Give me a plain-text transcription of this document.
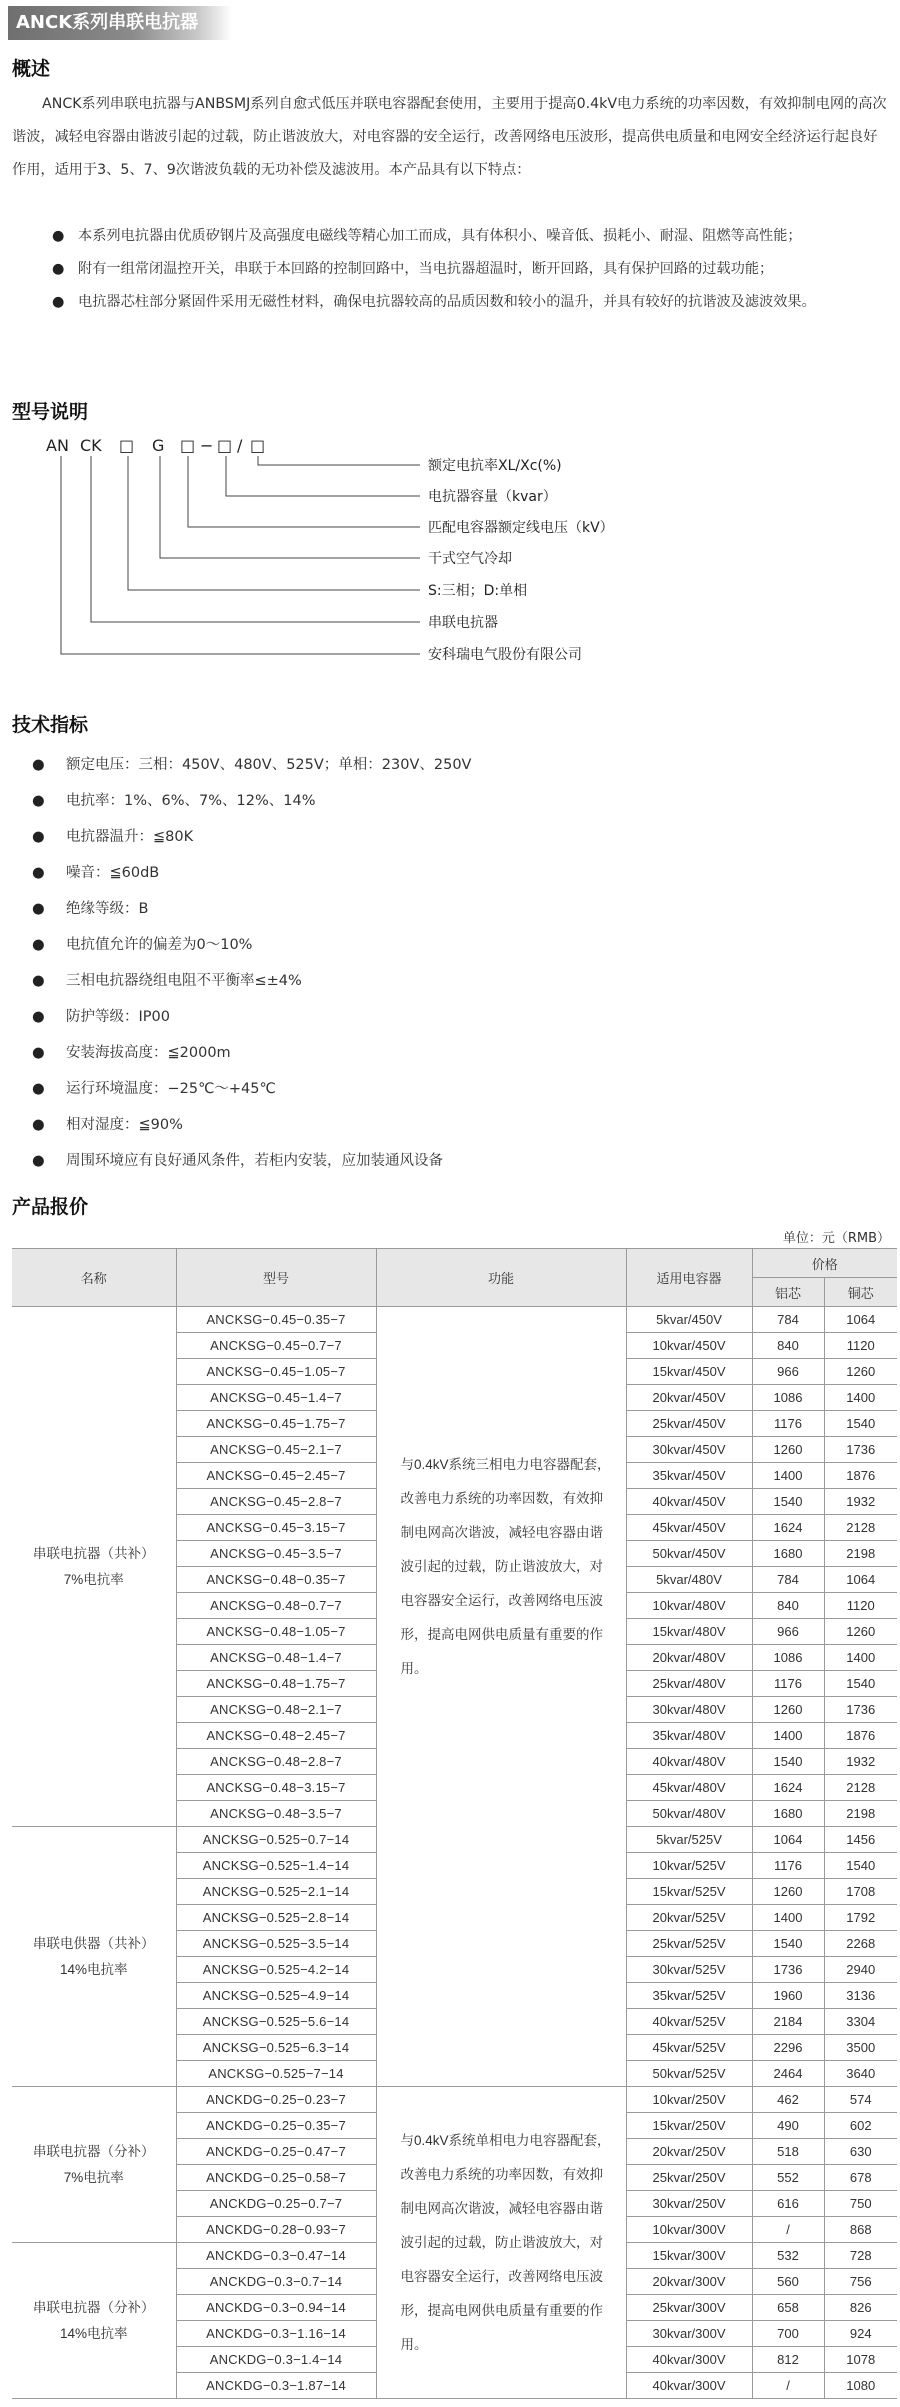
ANCK系列串联电抗器
概述

ANCK系列串联电抗器与ANBSMJ系列自愈式低压并联电容器配套使用，主要用于提高0.4kV电力系统的功率因数，有效抑制电网的高次谐波，减轻电容器由谐波引起的过载，防止谐波放大，对电容器的安全运行，改善网络电压波形，提高供电质量和电网安全经济运行起良好作用，适用于3、5、7、9次谐波负载的无功补偿及滤波用。本产品具有以下特点：

● 本系列电抗器由优质矽钢片及高强度电磁线等精心加工而成，具有体积小、噪音低、损耗小、耐湿、阻燃等高性能；
● 附有一组常闭温控开关，串联于本回路的控制回路中，当电抗器超温时，断开回路，具有保护回路的过载功能；
● 电抗器芯柱部分紧固件采用无磁性材料，确保电抗器较高的品质因数和较小的温升，并具有较好的抗谐波及滤波效果。
型号说明
AN CK □ G □ − □ / □
额定电抗率XL/Xc(%)
电抗器容量（kvar）
匹配电容器额定线电压（kV）
干式空气冷却
S:三相；D:单相
串联电抗器
安科瑞电气股份有限公司
技术指标
● 额定电压：三相：450V、480V、525V；单相：230V、250V
● 电抗率：1%、6%、7%、12%、14%
● 电抗器温升：≦80K
● 噪音：≦60dB
● 绝缘等级：B
● 电抗值允许的偏差为0～10%
● 三相电抗器绕组电阻不平衡率≤±4%
● 防护等级：IP00
● 安装海拔高度：≦2000m
● 运行环境温度：−25℃～+45℃
● 相对湿度：≦90%
● 周围环境应有良好通风条件，若柜内安装，应加装通风设备
产品报价
单位：元（RMB）
名称	型号	功能	适用电容器	价格	
				铝芯	铜芯
串联电抗器（共补）
7%电抗率	ANCKSG−0.45−0.35−7	与0.4kV系统三相电力电容器配套，改善电力系统的功率因数，有效抑制电网高次谐波，减轻电容器由谐波引起的过载，防止谐波放大，对电容器安全运行，改善网络电压波形，提高电网供电质量有重要的作用。	5kvar/450V	784	1064
	ANCKSG−0.45−0.7−7		10kvar/450V	840	1120
	ANCKSG−0.45−1.05−7		15kvar/450V	966	1260
	ANCKSG−0.45−1.4−7		20kvar/450V	1086	1400
	ANCKSG−0.45−1.75−7		25kvar/450V	1176	1540
	ANCKSG−0.45−2.1−7		30kvar/450V	1260	1736
	ANCKSG−0.45−2.45−7		35kvar/450V	1400	1876
	ANCKSG−0.45−2.8−7		40kvar/450V	1540	1932
	ANCKSG−0.45−3.15−7		45kvar/450V	1624	2128
	ANCKSG−0.45−3.5−7		50kvar/450V	1680	2198
	ANCKSG−0.48−0.35−7		5kvar/480V	784	1064
	ANCKSG−0.48−0.7−7		10kvar/480V	840	1120
	ANCKSG−0.48−1.05−7		15kvar/480V	966	1260
	ANCKSG−0.48−1.4−7		20kvar/480V	1086	1400
	ANCKSG−0.48−1.75−7		25kvar/480V	1176	1540
	ANCKSG−0.48−2.1−7		30kvar/480V	1260	1736
	ANCKSG−0.48−2.45−7		35kvar/480V	1400	1876
	ANCKSG−0.48−2.8−7		40kvar/480V	1540	1932
	ANCKSG−0.48−3.15−7		45kvar/480V	1624	2128
	ANCKSG−0.48−3.5−7		50kvar/480V	1680	2198
串联电供器（共补）
14%电抗率	ANCKSG−0.525−0.7−14		5kvar/525V	1064	1456
	ANCKSG−0.525−1.4−14		10kvar/525V	1176	1540
	ANCKSG−0.525−2.1−14		15kvar/525V	1260	1708
	ANCKSG−0.525−2.8−14		20kvar/525V	1400	1792
	ANCKSG−0.525−3.5−14		25kvar/525V	1540	2268
	ANCKSG−0.525−4.2−14		30kvar/525V	1736	2940
	ANCKSG−0.525−4.9−14		35kvar/525V	1960	3136
	ANCKSG−0.525−5.6−14		40kvar/525V	2184	3304
	ANCKSG−0.525−6.3−14		45kvar/525V	2296	3500
	ANCKSG−0.525−7−14		50kvar/525V	2464	3640
串联电抗器（分补）
7%电抗率	ANCKDG−0.25−0.23−7	与0.4kV系统单相电力电容器配套，改善电力系统的功率因数，有效抑制电网高次谐波，减轻电容器由谐波引起的过载，防止谐波放大，对电容器安全运行，改善网络电压波形，提高电网供电质量有重要的作用。	10kvar/250V	462	574
	ANCKDG−0.25−0.35−7		15kvar/250V	490	602
	ANCKDG−0.25−0.47−7		20kvar/250V	518	630
	ANCKDG−0.25−0.58−7		25kvar/250V	552	678
	ANCKDG−0.25−0.7−7		30kvar/250V	616	750
	ANCKDG−0.28−0.93−7		10kvar/300V	/	868
串联电抗器（分补）
14%电抗率	ANCKDG−0.3−0.47−14		15kvar/300V	532	728
	ANCKDG−0.3−0.7−14		20kvar/300V	560	756
	ANCKDG−0.3−0.94−14		25kvar/300V	658	826
	ANCKDG−0.3−1.16−14		30kvar/300V	700	924
	ANCKDG−0.3−1.4−14		40kvar/300V	812	1078
	ANCKDG−0.3−1.87−14		40kvar/300V	/	1080
